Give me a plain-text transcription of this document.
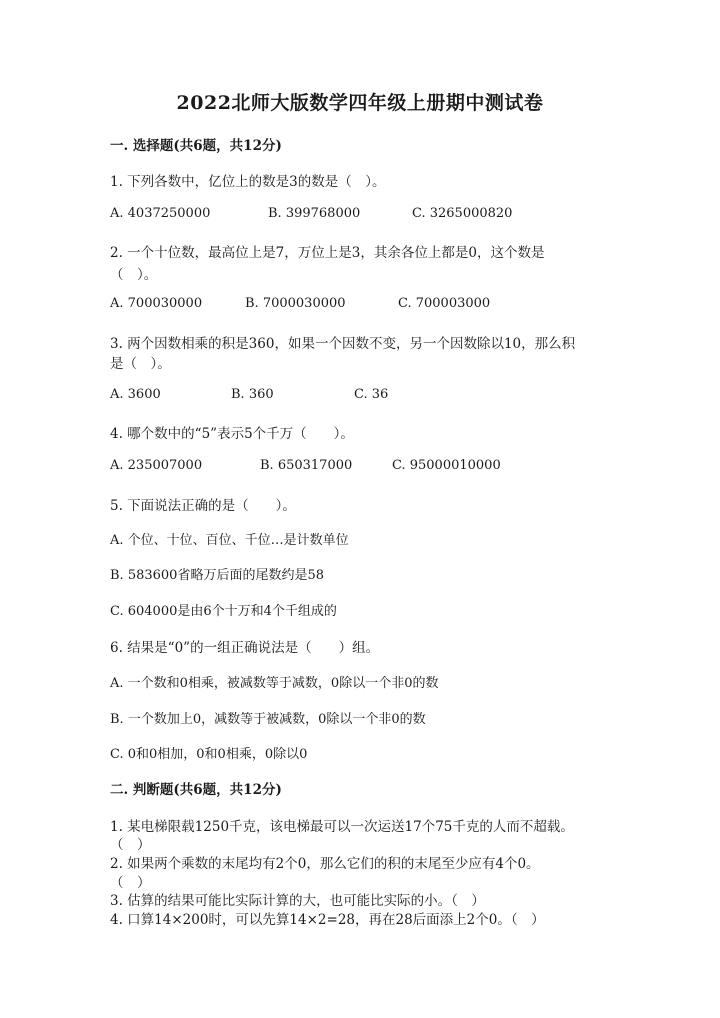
2022北师大版数学四年级上册期中测试卷
一. 选择题(共6题，共12分)
1. 下列各数中，亿位上的数是3的数是（　）。
A. 4037250000	B. 399768000	C. 3265000820
2. 一个十位数，最高位上是7，万位上是3，其余各位上都是0，这个数是
（　）。
A. 700030000	B. 7000030000	C. 700003000
3. 两个因数相乘的积是360，如果一个因数不变，另一个因数除以10，那么积
是（　）。
A. 3600	B. 360	C. 36
4. 哪个数中的“5”表示5个千万（　　）。
A. 235007000	B. 650317000	C. 95000010000
5. 下面说法正确的是（　　）。
A. 个位、十位、百位、千位…是计数单位
B. 583600省略万后面的尾数约是58
C. 604000是由6个十万和4个千组成的
6. 结果是“0”的一组正确说法是（　　）组。
A. 一个数和0相乘，被减数等于减数，0除以一个非0的数
B. 一个数加上0，减数等于被减数，0除以一个非0的数
C. 0和0相加，0和0相乘，0除以0
二. 判断题(共6题，共12分)
1. 某电梯限载1250千克，该电梯最可以一次运送17个75千克的人而不超载。
（　）
2. 如果两个乘数的末尾均有2个0，那么它们的积的末尾至少应有4个0。
（　）
3. 估算的结果可能比实际计算的大，也可能比实际的小。（　）
4. 口算14×200时，可以先算14×2=28，再在28后面添上2个0。（　）
